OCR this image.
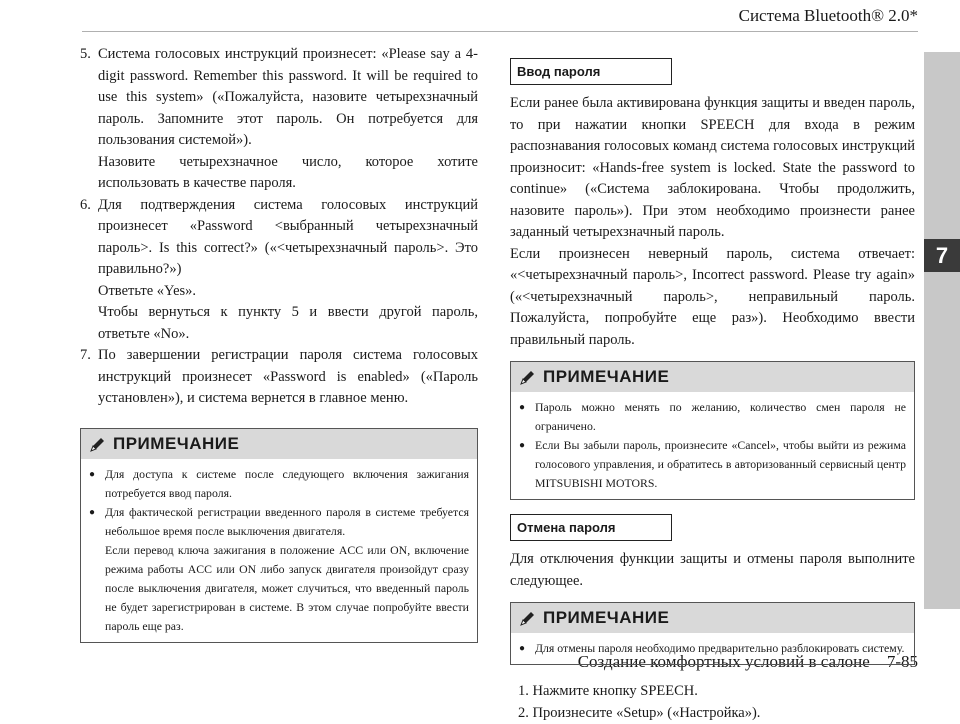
Система Bluetooth® 2.0*
7
Создание комфортных условий в салоне 7-85
5. Система голосовых инструкций произнесет: «Please say a 4-digit password. Remember this password. It will be required to use this system» («Пожалуйста, назовите четырехзначный пароль. Запомните этот пароль. Он потребуется для пользования системой»).

Назовите четырехзначное число, которое хотите использовать в качестве пароля.

6. Для подтверждения система голосовых инструкций произнесет «Password <выбранный четырехзначный пароль>. Is this correct?» («<четырехзначный пароль>. Это правильно?»)

Ответьте «Yes».

Чтобы вернуться к пункту 5 и ввести другой пароль, ответьте «No».

7. По завершении регистрации пароля система голосовых инструкций произнесет «Password is enabled» («Пароль установлен»), и система вернется в главное меню.

ПРИМЕЧАНИЕ

● Для доступа к системе после следующего включения зажигания потребуется ввод пароля.

● Для фактической регистрации введенного пароля в системе требуется небольшое время после выключения двигателя.

Если перевод ключа зажигания в положение ACC или ON, включение режима работы ACC или ON либо запуск двигателя произойдут сразу после выключения двигателя, может случиться, что введенный пароль не будет зарегистрирован в системе. В этом случае попробуйте ввести пароль еще раз.

Ввод пароля

Если ранее была активирована функция защиты и введен пароль, то при нажатии кнопки SPEECH для входа в режим распознавания голосовых команд система голосовых инструкций произносит: «Hands-free system is locked. State the password to continue» («Система заблокирована. Чтобы продолжить, назовите пароль»). При этом необходимо произнести ранее заданный четырехзначный пароль.

Если произнесен неверный пароль, система отвечает: «<четырехзначный пароль>, Incorrect password. Please try again» («<четырехзначный пароль>, неправильный пароль. Пожалуйста, попробуйте еще раз»). Необходимо ввести правильный пароль.

ПРИМЕЧАНИЕ

● Пароль можно менять по желанию, количество смен пароля не ограничено.

● Если Вы забыли пароль, произнесите «Cancel», чтобы выйти из режима голосового управления, и обратитесь в авторизованный сервисный центр MITSUBISHI MOTORS.

Отмена пароля

Для отключения функции защиты и отмены пароля выполните следующее.

ПРИМЕЧАНИЕ

● Для отмены пароля необходимо предварительно разблокировать систему.

1. Нажмите кнопку SPEECH.
2. Произнесите «Setup» («Настройка»).
